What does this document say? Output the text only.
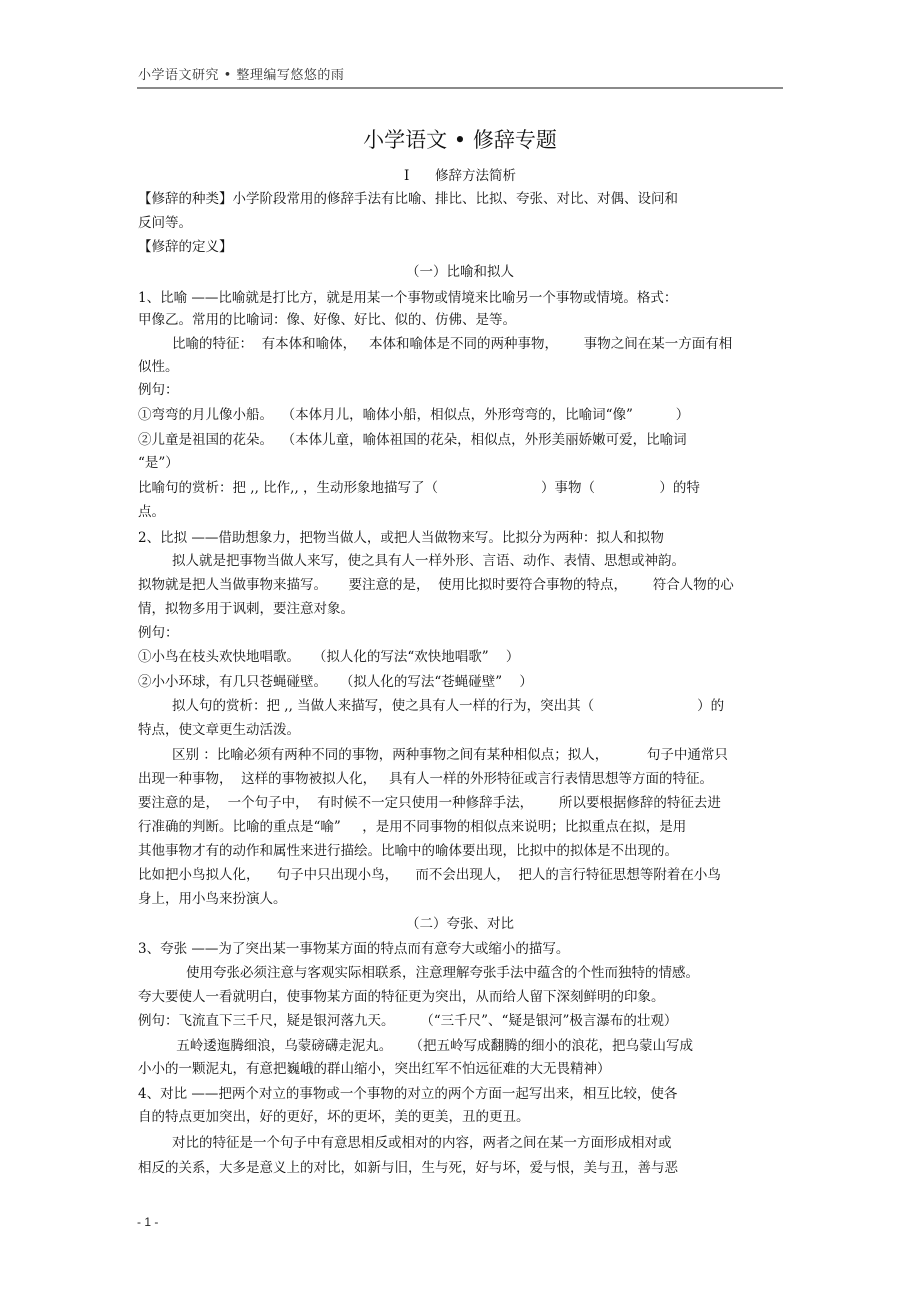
小学语文研究 • 整理编写悠悠的雨
小学语文 • 修辞专题
I      修辞方法简析
【修辞的种类】小学阶段常用的修辞手法有比喻、排比、比拟、夸张、对比、对偶、设问和
反问等。
【修辞的定义】
（一）比喻和拟人
1、比喻 ——比喻就是打比方，就是用某一个事物或情境来比喻另一个事物或情境。格式：
甲像乙。常用的比喻词：像、好像、好比、似的、仿佛、是等。
比喻的特征：  有本体和喻体，   本体和喻体是不同的两种事物，      事物之间在某一方面有相
似性。
例句：
①弯弯的月儿像小船。  （本体月儿，喻体小船，相似点，外形弯弯的，比喻词“像”          ）
②儿童是祖国的花朵。  （本体儿童，喻体祖国的花朵，相似点，外形美丽娇嫩可爱，比喻词
“是”）
比喻句的赏析：把 ,, 比作,, ，生动形象地描写了（                        ）事物（               ）的特
点。
2、比拟 ——借助想象力，把物当做人，或把人当做物来写。比拟分为两种：拟人和拟物
拟人就是把事物当做人来写，使之具有人一样外形、言语、动作、表情、思想或神韵。
拟物就是把人当做事物来描写。     要注意的是，  使用比拟时要符合事物的特点，      符合人物的心
情，拟物多用于讽刺，要注意对象。
例句：
①小鸟在枝头欢快地唱歌。   （拟人化的写法“欢快地唱歌”    ）
②小小环球，有几只苍蝇碰壁。   （拟人化的写法“苍蝇碰壁”    ）
拟人句的赏析：把 ,, 当做人来描写，使之具有人一样的行为，突出其（                        ）的
特点，使文章更生动活泼。
区别 ：比喻必须有两种不同的事物，两种事物之间有某种相似点；拟人，         句子中通常只
出现一种事物，  这样的事物被拟人化，   具有人一样的外形特征或言行表情思想等方面的特征。
要注意的是，  一个句子中，  有时候不一定只使用一种修辞手法，      所以要根据修辞的特征去进
行准确的判断。比喻的重点是“喻”     ，是用不同事物的相似点来说明；比拟重点在拟，是用
其他事物才有的动作和属性来进行描绘。比喻中的喻体要出现，比拟中的拟体是不出现的。
比如把小鸟拟人化，    句子中只出现小鸟，    而不会出现人，  把人的言行特征思想等附着在小鸟
身上，用小鸟来扮演人。
（二）夸张、对比
3、夸张 ——为了突出某一事物某方面的特点而有意夸大或缩小的描写。
使用夸张必须注意与客观实际相联系，注意理解夸张手法中蕴含的个性而独特的情感。
夸大要使人一看就明白，使事物某方面的特征更为突出，从而给人留下深刻鲜明的印象。
例句：飞流直下三千尺，疑是银河落九天。      （“三千尺”、“疑是银河”极言瀑布的壮观）
五岭逶迤腾细浪，乌蒙磅礴走泥丸。    （把五岭写成翻腾的细小的浪花，把乌蒙山写成
小小的一颗泥丸，有意把巍峨的群山缩小，突出红军不怕远征难的大无畏精神）
4、对比 ——把两个对立的事物或一个事物的对立的两个方面一起写出来，相互比较，使各
自的特点更加突出，好的更好，坏的更坏，美的更美，丑的更丑。
对比的特征是一个句子中有意思相反或相对的内容，两者之间在某一方面形成相对或
相反的关系，大多是意义上的对比，如新与旧，生与死，好与坏，爱与恨，美与丑，善与恶
- 1 -
